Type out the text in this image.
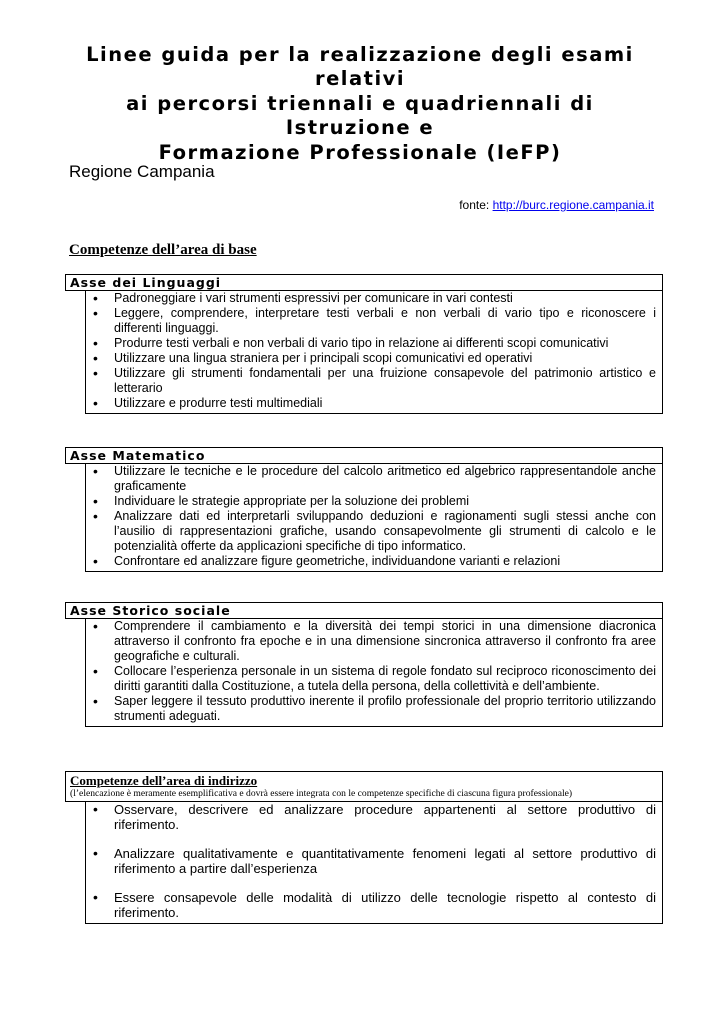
Linee guida per la realizzazione degli esami
relativi
ai percorsi triennali e quadriennali di
Istruzione e
Formazione Professionale (IeFP)
Regione Campania
fonte: http://burc.regione.campania.it
Competenze dell’area di base
Asse dei Linguaggi
• Padroneggiare i vari strumenti espressivi per comunicare in vari contesti
• Leggere, comprendere, interpretare testi verbali e non verbali di vario tipo e riconoscere i differenti linguaggi.
• Produrre testi verbali e non verbali di vario tipo in relazione ai differenti scopi comunicativi
• Utilizzare una lingua straniera per i principali scopi comunicativi ed operativi
• Utilizzare gli strumenti fondamentali per una fruizione consapevole del patrimonio artistico e letterario
• Utilizzare e produrre testi multimediali
Asse Matematico
• Utilizzare le tecniche e le procedure del calcolo aritmetico ed algebrico rappresentandole anche graficamente
• Individuare le strategie appropriate per la soluzione dei problemi
• Analizzare dati ed interpretarli sviluppando deduzioni e ragionamenti sugli stessi anche con l’ausilio di rappresentazioni grafiche, usando consapevolmente gli strumenti di calcolo e le potenzialità offerte da applicazioni specifiche di tipo informatico.
• Confrontare ed analizzare figure geometriche, individuandone varianti e relazioni
Asse Storico sociale
• Comprendere il cambiamento e la diversità dei tempi storici in una dimensione diacronica attraverso il confronto fra epoche e in una dimensione sincronica attraverso il confronto fra aree geografiche e culturali.
• Collocare l’esperienza personale in un sistema di regole fondato sul reciproco riconoscimento dei diritti garantiti dalla Costituzione, a tutela della persona, della collettività e dell’ambiente.
• Saper leggere il tessuto produttivo inerente il profilo professionale del proprio territorio utilizzando strumenti adeguati.
Competenze dell’area di indirizzo
(l’elencazione è meramente esemplificativa e dovrà essere integrata con le competenze specifiche di ciascuna figura professionale)
• Osservare, descrivere ed analizzare procedure appartenenti al settore produttivo di riferimento.
• Analizzare qualitativamente e quantitativamente fenomeni legati al settore produttivo di riferimento a partire dall’esperienza
• Essere consapevole delle modalità di utilizzo delle tecnologie rispetto al contesto di riferimento.
